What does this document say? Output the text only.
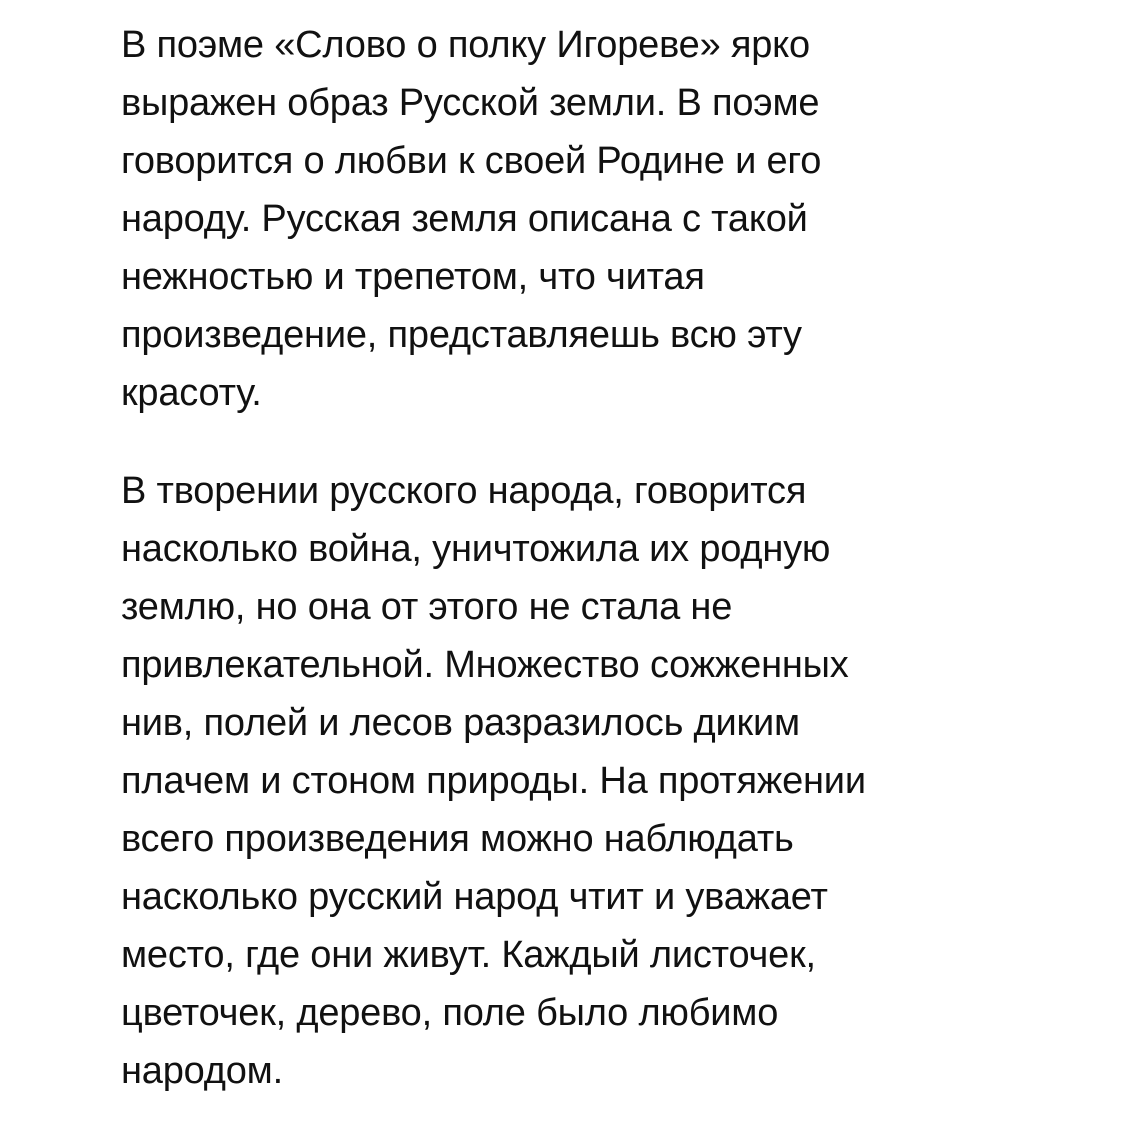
В поэме «Слово о полку Игореве» ярко
выражен образ Русской земли. В поэме
говорится о любви к своей Родине и его
народу. Русская земля описана с такой
нежностью и трепетом, что читая
произведение, представляешь всю эту
красоту.
В творении русского народа, говорится
насколько война, уничтожила их родную
землю, но она от этого не стала не
привлекательной. Множество сожженных
нив, полей и лесов разразилось диким
плачем и стоном природы. На протяжении
всего произведения можно наблюдать
насколько русский народ чтит и уважает
место, где они живут. Каждый листочек,
цветочек, дерево, поле было любимо
народом.
